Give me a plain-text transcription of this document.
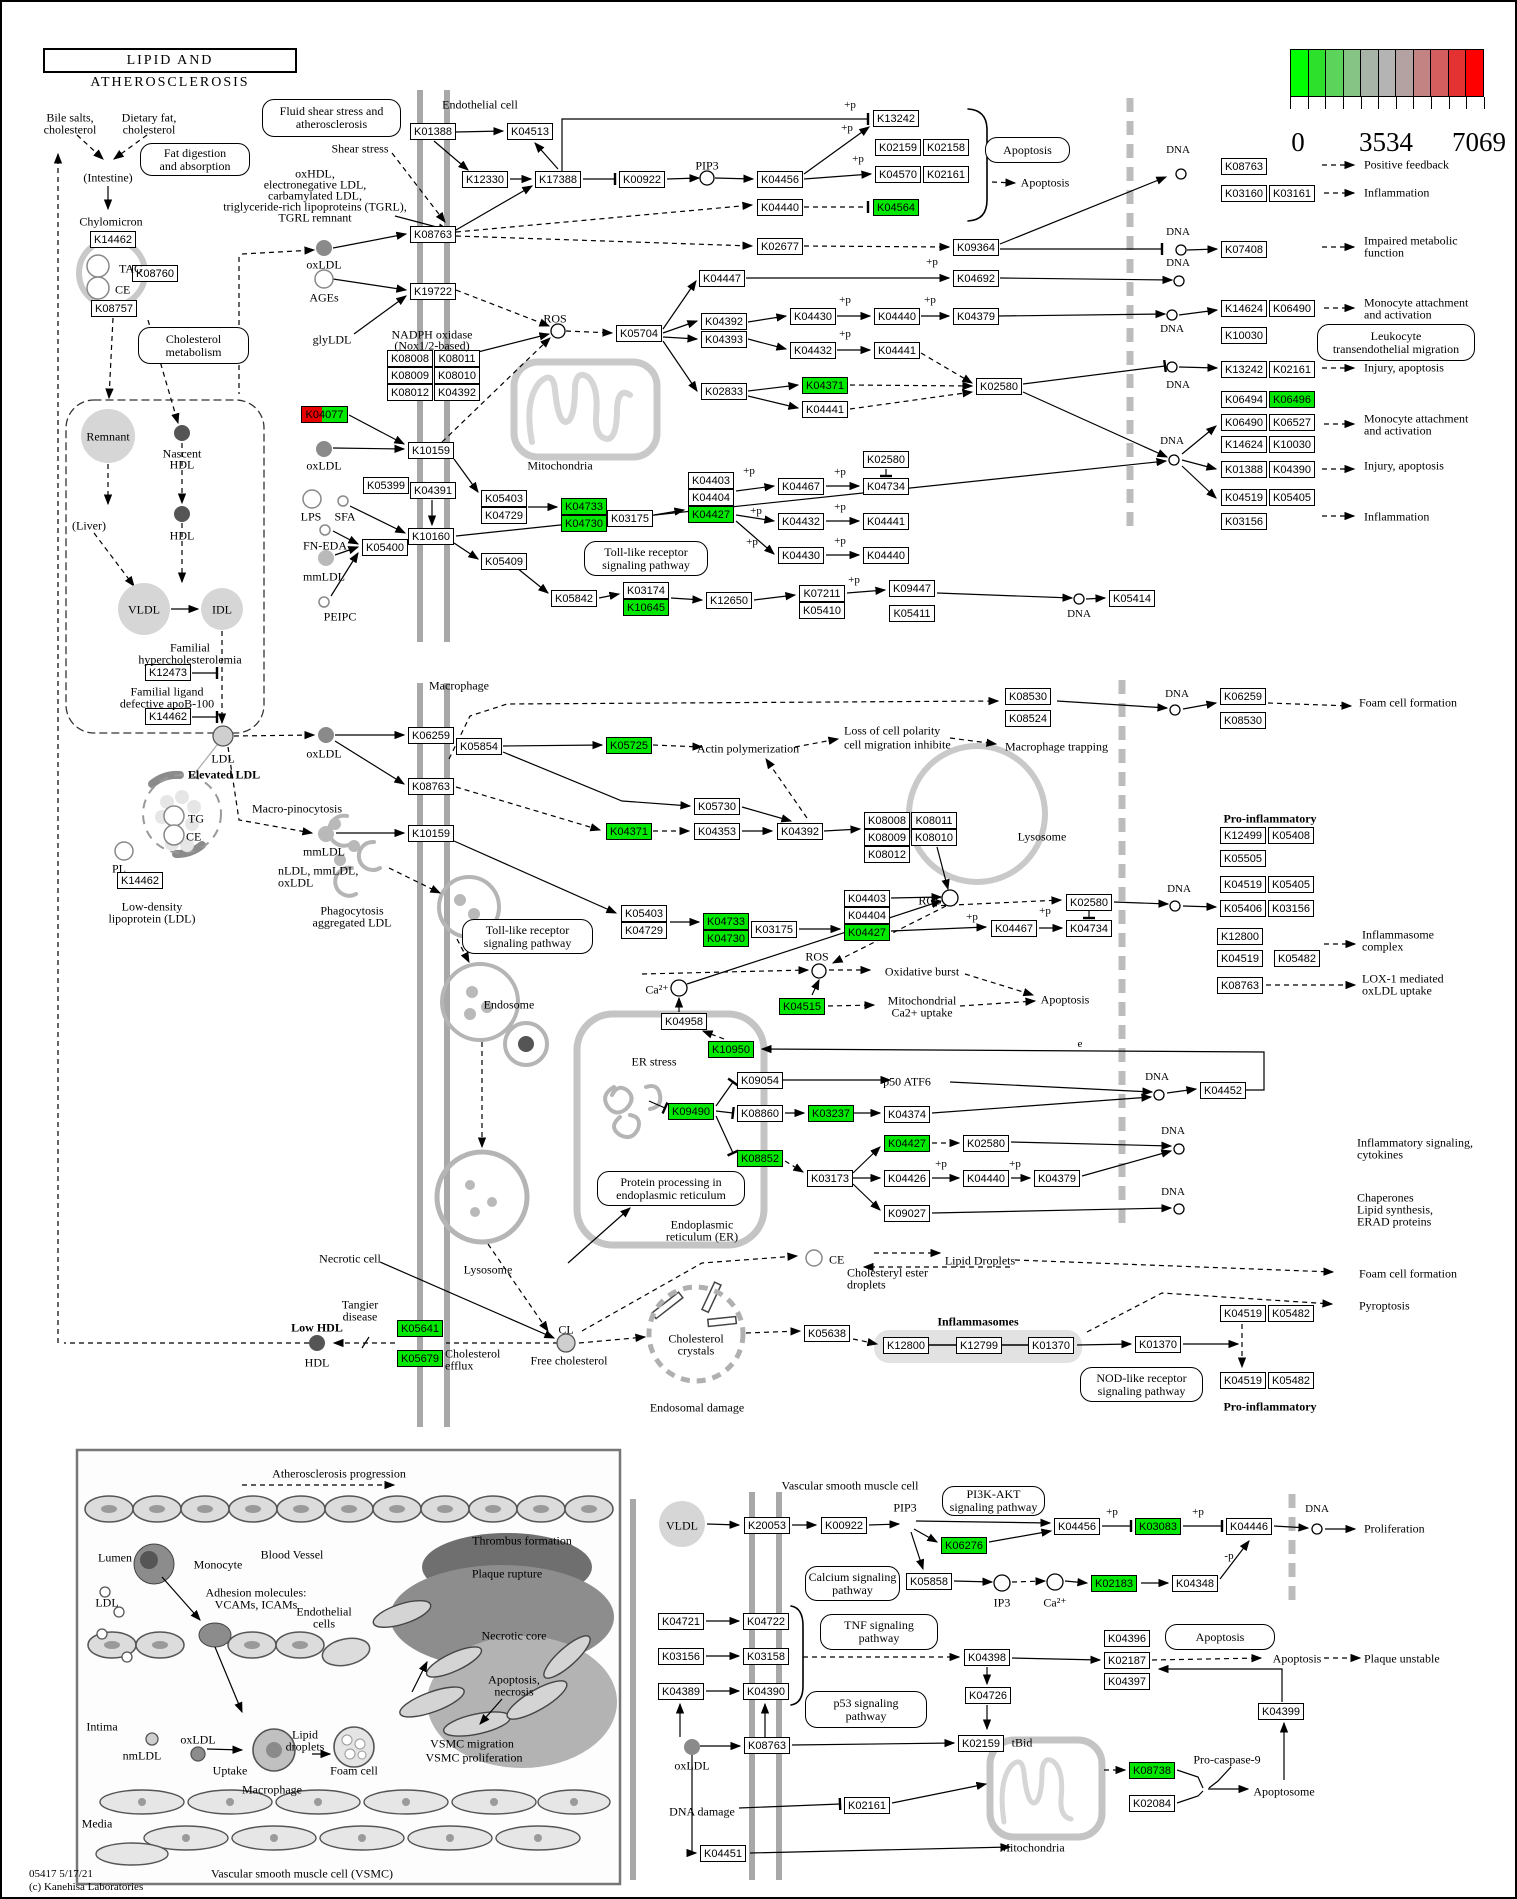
LIPID AND ATHEROSCLEROSIS
0 3534 7069
05417 5/17/21
(c) Kanehisa Laboratories
K14462
K08760
K08757
K01388	K04513
K12330	K17388	K00922	K04456
K13242
K02159 K02158
K04570 K02161
K04440	K04564
K02677	K09364
K08763
K19722
K08008 K08011
K08009 K08010
K08012 K04392
K04077
K10159
K05399 K04391
K10160
K05400
K04447	K04692
K05704
K04392
K04393
K04430	K04440	K04379
K04432	K04441
K02833	K04371
K04441
K02580
K05403
K04729
K04733
K04730 K03175
K04403
K04404
K04427
K04467
K02580
K04734
K04432	K04441
K04430	K04440
K05409
K05842
K03174
K10645
K12650
K07211
K05410
K09447
K05411
K05414
K08763
K03160 K03161
K07408
K14624 K06490
K10030
K13242 K02161
K06494 K06496
K06490 K06527
K14624 K10030
K01388 K04390
K04519 K05405
K03156
K12473
K14462
K14462
K06259
K05854
K08763
K10159
K05725
K05730
K04371	K04353	K04392
K08008 K08011
K08009 K08010
K08012
K08530
K08524
K06259
K08530
K05403
K04729
K04733
K04730
K03175
K04403
K04404
K04427	K04467
K02580
K04734
K04515
K04958
K10950
K09490
K09054
K08860
K08852
K03237	K04374
K04427	K02580
K03173	K04426	K04440	K04379
K09027
K04452
K12499 K05408
K05505
K04519 K05405
K05406 K03156
K12800
K04519	K05482
K08763
K05641
K05679
K05638
K12800	K12799	K01370	K01370
K04519 K05482
K04519 K05482
K20053	K00922	K04456	K03083	K04446
K06276
K05858	K02183	K04348
K04721	K04722
K03156	K03158
K04389	K04390
K04398
K04726
K04396
K02187
K04397
K04399
K02159
K08763
K02161
K04451
K08738
K02084
Fat digestion
and absorption
Cholesterol
metabolism
Fluid shear stress and
atherosclerosis
Apoptosis
Leukocyte
transendothelial migration
Toll-like receptor
signaling pathway
Toll-like receptor
signaling pathway
Protein processing in
endoplasmic reticulum
NOD-like receptor
signaling pathway
PI3K-AKT
signaling pathway
Calcium signaling
pathway
TNF signaling
pathway
p53 signaling
pathway
Apoptosis
Bile salts,
cholesterol
Dietary fat,
cholesterol
(Intestine)
Chylomicron
TAG
CE
oxHDL,
electronegative LDL,
carbamylated LDL,
triglyceride-rich lipoproteins (TGRL),
TGRL remnant
Shear stress
Endothelial cell
oxLDL
AGEs
glyLDL	NADPH oxidase
(Nox1/2-based)
PIP3
ROS
Remnant
Nascent
HDL
(Liver)
HDL
VLDL	IDL
oxLDL
LPS SFA
FN-EDA
mmLDL
PEIPC
Familial
hypercholesterolemia
Familial ligand
defective apoB-100
LDL
Elevated LDL
TG
CE
PL
Low-density
lipoprotein (LDL)
oxLDL
mmLDL
Macrophage
Macro-pinocytosis
nLDL, mmLDL,
oxLDL
Phagocytosis
aggregated LDL
Endosome
Lysosome
Lysosome
ER stress
Mitochondria
Mitochondria
Actin polymerization
Loss of cell polarity
cell migration inhibite	Macrophage trapping
Foam cell formation
Pro-inflammatory
Inflammasome
complex
LOX-1 mediated
oxLDL uptake
ROS
ROS
Oxidative burst
Mitochondrial
Ca2+ uptake
Apoptosis
Ca²⁺
p50 ATF6
e
Endoplasmic
reticulum (ER)
Inflammatory signaling,
cytokines
Chaperones
Lipid synthesis,
ERAD proteins
CE
Cholesteryl ester
droplets
Lipid Droplets
Foam cell formation
Pyroptosis
Necrotic cell
Tangier
disease
Low HDL
HDL
Cholesterol
efflux
CL
Free cholesterol
Cholesterol
crystals
Endosomal damage
Inflammasomes
Pro-inflammatory
Positive feedback
Inflammation
Impaired metabolic
function
Monocyte attachment
and activation
Injury, apoptosis
Monocyte attachment
and activation
Injury, apoptosis
Inflammation
Apoptosis
DNA
DNA
DNA
DNA
DNA
DNA
DNA
DNA
DNA
DNA
DNA
DNA
DNA
+p
+p
+p
+p
+p	+p
+p
+p	+p
+p	+p
+p	+p
+p
+p	+p
+p	+p
+p	+p
-p
Vascular smooth muscle cell
VLDL
PIP3
IP3	Ca²⁺
tBid
Pro-caspase-9
Apoptosome
oxLDL
DNA damage
Apoptosis	Plaque unstable
Proliferation
Atherosclerosis progression
Lumen	Monocyte
Blood Vessel
Thrombus formation
Plaque rupture
LDL
Adhesion molecules:
VCAMs, ICAMs
Endothelial
cells
Necrotic core
Apoptosis,
necrosis
Intima
nmLDL
oxLDL
Uptake
Lipid
droplets
Macrophage
Foam cell
VSMC migration
VSMC proliferation
Media
Vascular smooth muscle cell (VSMC)
